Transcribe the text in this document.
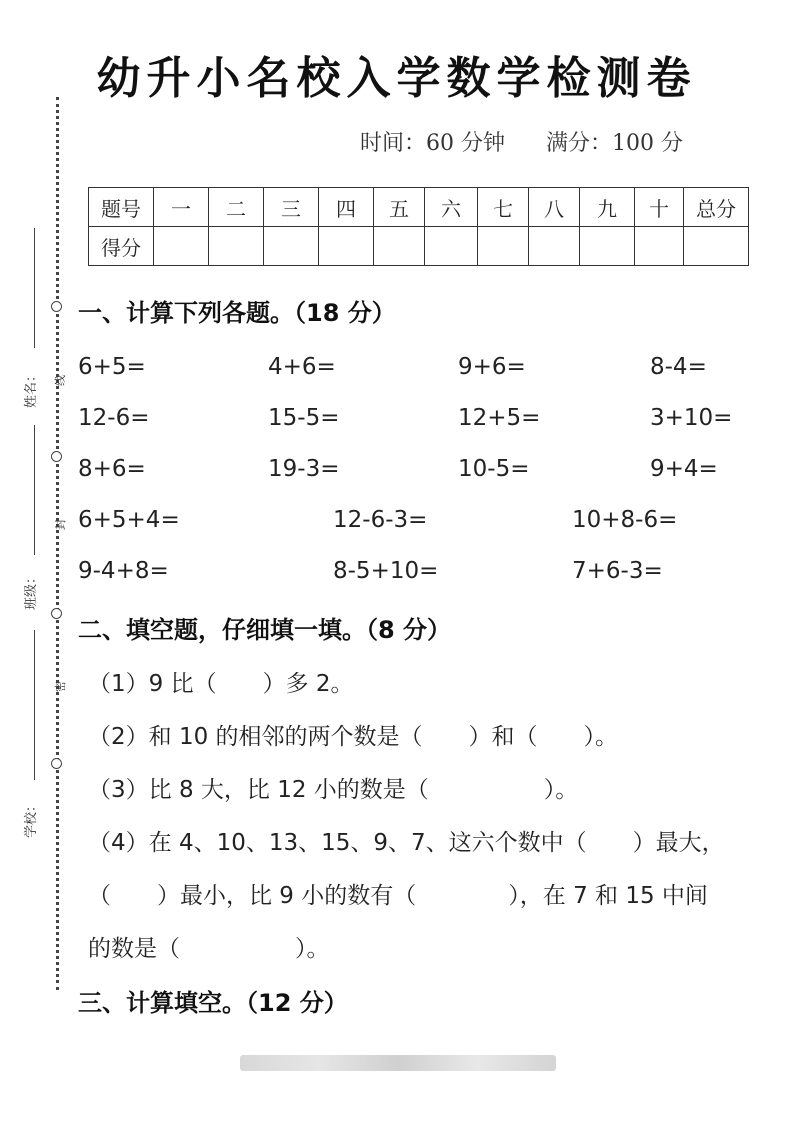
幼升小名校入学数学检测卷
时间：60 分钟 满分：100 分
题号	一	二	三	四	五	六	七	八	九	十	总分
得分											
姓名：
班级：
学校：
线
封
密
一、计算下列各题。（18 分）
6+5=	4+6=	9+6=	8-4=
12-6=	15-5=	12+5=	3+10=
8+6=	19-3=	10-5=	9+4=
6+5+4=	12-6-3=	10+8-6=
9-4+8=	8-5+10=	7+6-3=
二、填空题，仔细填一填。（8 分）
（1）9 比（　　）多 2。
（2）和 10 的相邻的两个数是（　　）和（　　）。
（3）比 8 大，比 12 小的数是（　　　　　）。
（4）在 4、10、13、15、9、7、这六个数中（　　）最大，
（　　）最小，比 9 小的数有（　　　　），在 7 和 15 中间
的数是（　　　　　）。
三、计算填空。（12 分）
